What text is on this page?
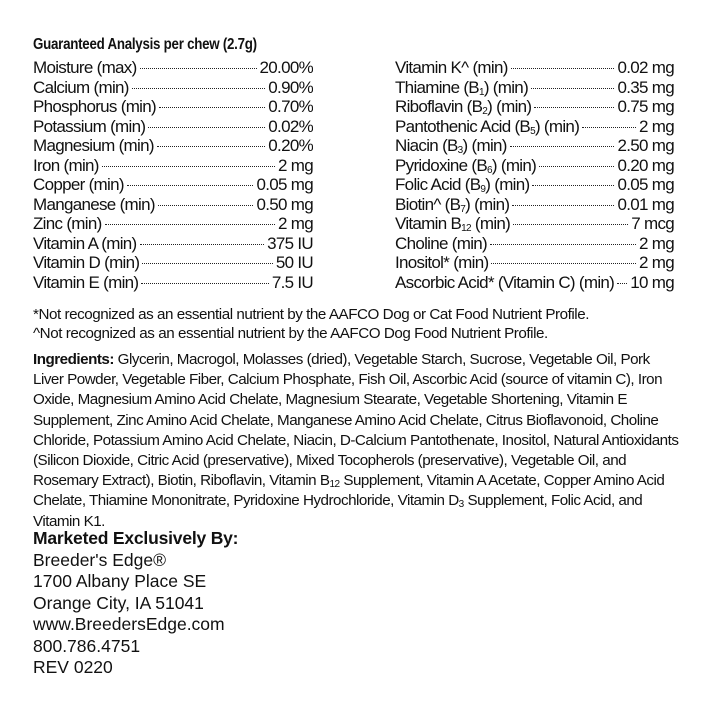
Guaranteed Analysis per chew (2.7g)
Moisture (max)	20.00%
Calcium (min)	0.90%
Phosphorus (min)	0.70%
Potassium (min)	0.02%
Magnesium (min)	0.20%
Iron (min)	2 mg
Copper (min)	0.05 mg
Manganese (min)	0.50 mg
Zinc (min)	2 mg
Vitamin A (min)	375 IU
Vitamin D (min)	50 IU
Vitamin E (min)	7.5 IU
Vitamin K^ (min)	0.02 mg
Thiamine $(B_1)$ (min)	0.35 mg
Riboflavin $(B_2)$ (min)	0.75 mg
Pantothenic Acid $(B_5)$ (min)	2 mg
Niacin $(B_3)$ (min)	2.50 mg
Pyridoxine $(B_6)$ (min)	0.20 mg
Folic Acid $(B_9)$ (min)	0.05 mg
Biotin^ $(B_7)$ (min)	0.01 mg
Vitamin $B_{12}$ (min)	7 mcg
Choline (min)	2 mg
Inositol* (min)	2 mg
Ascorbic Acid* (Vitamin C) (min) 10 mg
*Not recognized as an essential nutrient by the AAFCO Dog or Cat Food Nutrient Profile.
^Not recognized as an essential nutrient by the AAFCO Dog Food Nutrient Profile.
Ingredients: Glycerin, Macrogol, Molasses (dried), Vegetable Starch, Sucrose, Vegetable Oil, Pork Liver Powder, Vegetable Fiber, Calcium Phosphate, Fish Oil, Ascorbic Acid (source of vitamin C), Iron Oxide, Magnesium Amino Acid Chelate, Magnesium Stearate, Vegetable Shortening, Vitamin E Supplement, Zinc Amino Acid Chelate, Manganese Amino Acid Chelate, Citrus Bioflavonoid, Choline Chloride, Potassium Amino Acid Chelate, Niacin, D-Calcium Pantothenate, Inositol, Natural Antioxidants (Silicon Dioxide, Citric Acid (preservative), Mixed Tocopherols (preservative), Vegetable Oil, and Rosemary Extract), Biotin, Riboflavin, Vitamin $B_{12}$ Supplement, Vitamin A Acetate, Copper Amino Acid Chelate, Thiamine Mononitrate, Pyridoxine Hydrochloride, Vitamin $D_3$ Supplement, Folic Acid, and Vitamin K1.
Marketed Exclusively By:
Breeder's Edge®
1700 Albany Place SE
Orange City, IA 51041
www.BreedersEdge.com
800.786.4751
REV 0220
